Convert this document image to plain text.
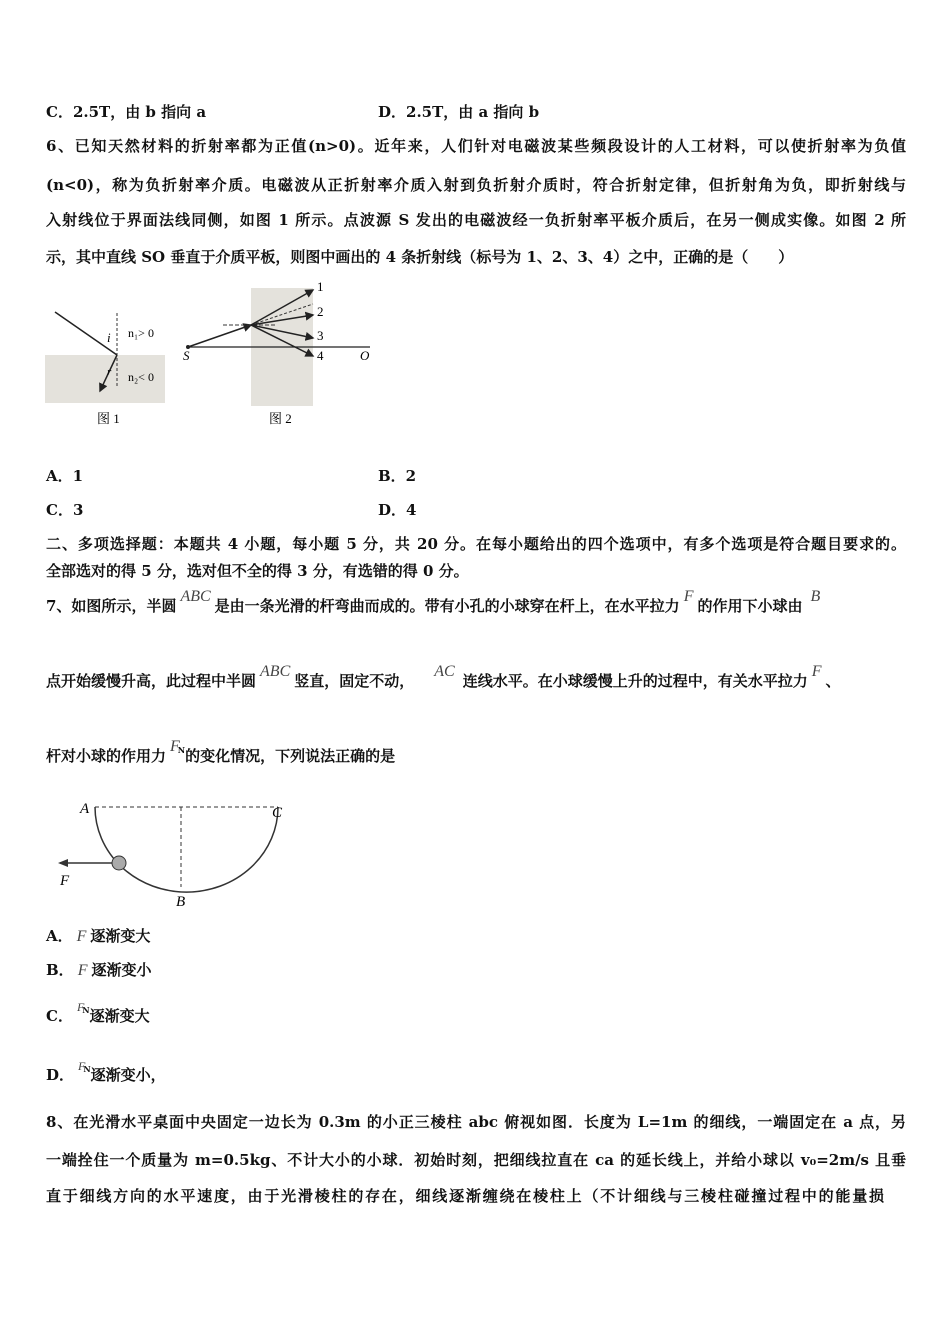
C．2.5T，由 b 指向 a	D．2.5T，由 a 指向 b
6、已知天然材料的折射率都为正值(n>0)。近年来，人们针对电磁波某些频段设计的人工材料，可以使折射率为负值
(n<0)，称为负折射率介质。电磁波从正折射率介质入射到负折射介质时，符合折射定律，但折射角为负，即折射线与
入射线位于界面法线同侧，如图 1 所示。点波源 S 发出的电磁波经一负折射率平板介质后，在另一侧成实像。如图 2 所
示，其中直线 SO 垂直于介质平板，则图中画出的 4 条折射线（标号为 1、2、3、4）之中，正确的是（　　）
i
r
n₁> 0
n₂< 0
图 1
1
2
3
4
S	O
图 2
A．1	B．2
C．3	D．4
二、多项选择题：本题共 4 小题，每小题 5 分，共 20 分。在每小题给出的四个选项中，有多个选项是符合题目要求的。
全部选对的得 5 分，选对但不全的得 3 分，有选错的得 0 分。
7、如图所示，半圆ABC是由一条光滑的杆弯曲而成的。带有小孔的小球穿在杆上，在水平拉力F的作用下小球由B
点开始缓慢升高，此过程中半圆ABC竖直，固定不动，AC连线水平。在小球缓慢上升的过程中，有关水平拉力F、
杆对小球的作用力$F_N$的变化情况，下列说法正确的是
A	C
B
F
A． F 逐渐变大
B． F 逐渐变小
C． $^F_N$逐渐变大
D． $^F_N$逐渐变小，
8、在光滑水平桌面中央固定一边长为 0.3m 的小正三棱柱 abc 俯视如图．长度为 L=1m 的细线，一端固定在 a 点，另
一端拴住一个质量为 m=0.5kg、不计大小的小球．初始时刻，把细线拉直在 ca 的延长线上，并给小球以 v₀=2m/s 且垂
直于细线方向的水平速度，由于光滑棱柱的存在，细线逐渐缠绕在棱柱上（不计细线与三棱柱碰撞过程中的能量损
